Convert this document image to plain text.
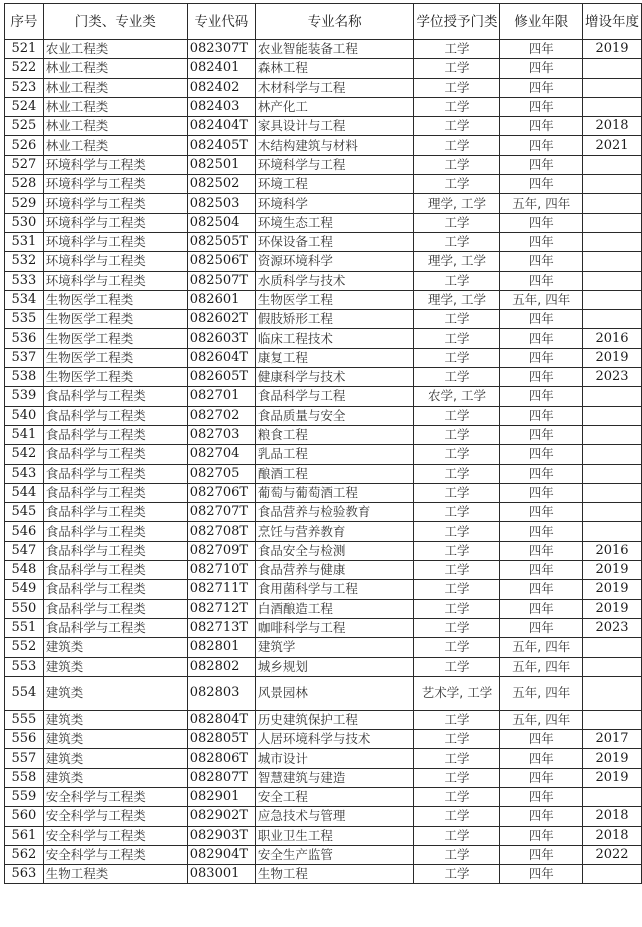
序号	门类、专业类	专业代码	专业名称	学位授予门类	修业年限	增设年度
521	农业工程类	082307T	农业智能装备工程	工学	四年	2019
522	林业工程类	082401	森林工程	工学	四年	
523	林业工程类	082402	木材科学与工程	工学	四年	
524	林业工程类	082403	林产化工	工学	四年	
525	林业工程类	082404T	家具设计与工程	工学	四年	2018
526	林业工程类	082405T	木结构建筑与材料	工学	四年	2021
527	环境科学与工程类	082501	环境科学与工程	工学	四年	
528	环境科学与工程类	082502	环境工程	工学	四年	
529	环境科学与工程类	082503	环境科学	理学, 工学	五年, 四年	
530	环境科学与工程类	082504	环境生态工程	工学	四年	
531	环境科学与工程类	082505T	环保设备工程	工学	四年	
532	环境科学与工程类	082506T	资源环境科学	理学, 工学	四年	
533	环境科学与工程类	082507T	水质科学与技术	工学	四年	
534	生物医学工程类	082601	生物医学工程	理学, 工学	五年, 四年	
535	生物医学工程类	082602T	假肢矫形工程	工学	四年	
536	生物医学工程类	082603T	临床工程技术	工学	四年	2016
537	生物医学工程类	082604T	康复工程	工学	四年	2019
538	生物医学工程类	082605T	健康科学与技术	工学	四年	2023
539	食品科学与工程类	082701	食品科学与工程	农学, 工学	四年	
540	食品科学与工程类	082702	食品质量与安全	工学	四年	
541	食品科学与工程类	082703	粮食工程	工学	四年	
542	食品科学与工程类	082704	乳品工程	工学	四年	
543	食品科学与工程类	082705	酿酒工程	工学	四年	
544	食品科学与工程类	082706T	葡萄与葡萄酒工程	工学	四年	
545	食品科学与工程类	082707T	食品营养与检验教育	工学	四年	
546	食品科学与工程类	082708T	烹饪与营养教育	工学	四年	
547	食品科学与工程类	082709T	食品安全与检测	工学	四年	2016
548	食品科学与工程类	082710T	食品营养与健康	工学	四年	2019
549	食品科学与工程类	082711T	食用菌科学与工程	工学	四年	2019
550	食品科学与工程类	082712T	白酒酿造工程	工学	四年	2019
551	食品科学与工程类	082713T	咖啡科学与工程	工学	四年	2023
552	建筑类	082801	建筑学	工学	五年, 四年	
553	建筑类	082802	城乡规划	工学	五年, 四年	
554	建筑类	082803	风景园林	艺术学, 工学	五年, 四年	
555	建筑类	082804T	历史建筑保护工程	工学	五年, 四年	
556	建筑类	082805T	人居环境科学与技术	工学	四年	2017
557	建筑类	082806T	城市设计	工学	四年	2019
558	建筑类	082807T	智慧建筑与建造	工学	四年	2019
559	安全科学与工程类	082901	安全工程	工学	四年	
560	安全科学与工程类	082902T	应急技术与管理	工学	四年	2018
561	安全科学与工程类	082903T	职业卫生工程	工学	四年	2018
562	安全科学与工程类	082904T	安全生产监管	工学	四年	2022
563	生物工程类	083001	生物工程	工学	四年	
